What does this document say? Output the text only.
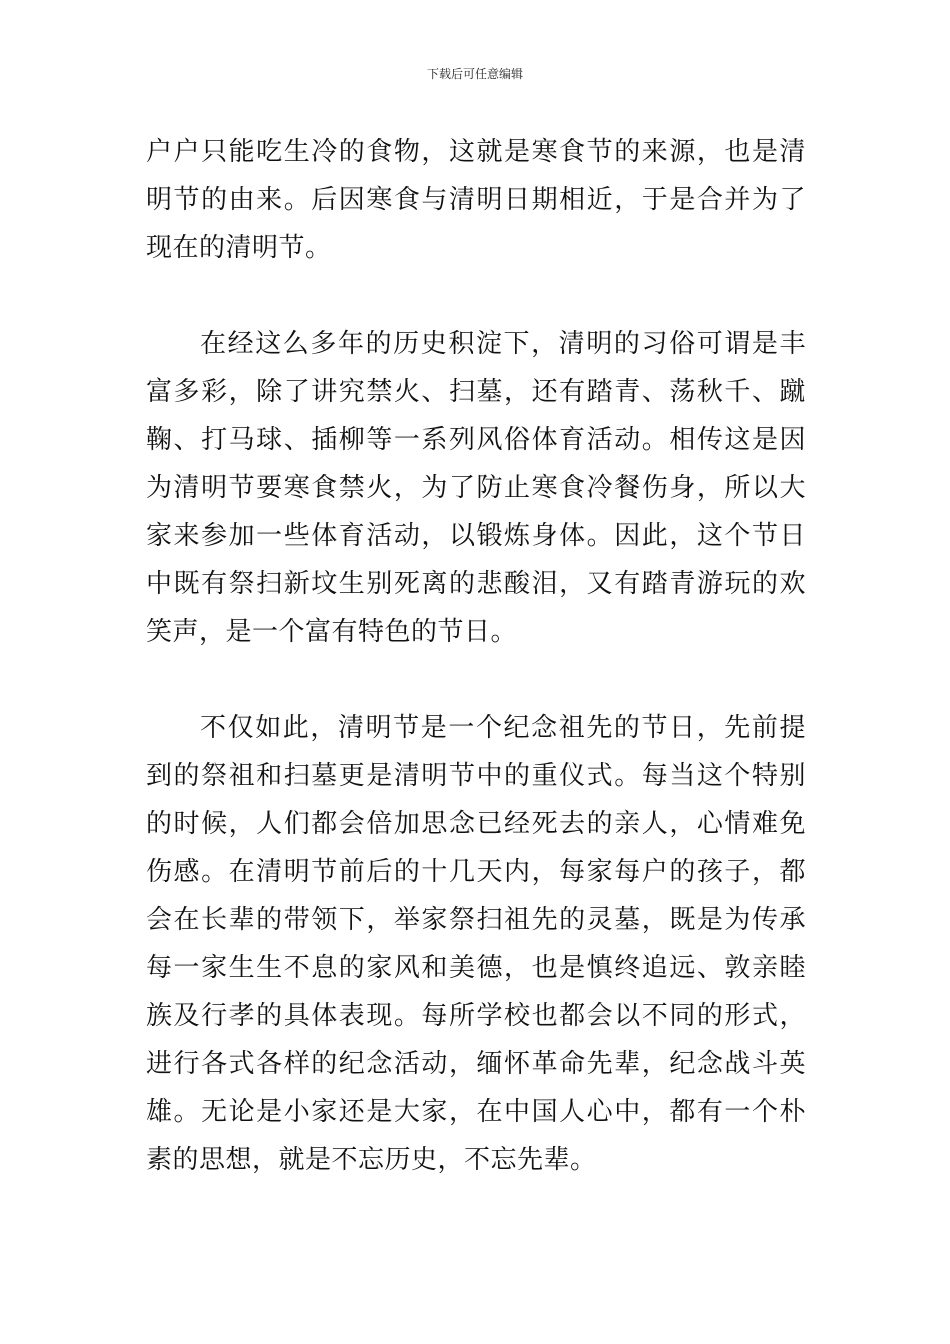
下载后可任意编辑

户户只能吃生冷的食物，这就是寒食节的来源，也是清明节的由来。后因寒食与清明日期相近，于是合并为了现在的清明节。

在经这么多年的历史积淀下，清明的习俗可谓是丰富多彩，除了讲究禁火、扫墓，还有踏青、荡秋千、蹴鞠、打马球、插柳等一系列风俗体育活动。相传这是因为清明节要寒食禁火，为了防止寒食冷餐伤身，所以大家来参加一些体育活动，以锻炼身体。因此，这个节日中既有祭扫新坟生别死离的悲酸泪，又有踏青游玩的欢笑声，是一个富有特色的节日。

不仅如此，清明节是一个纪念祖先的节日，先前提到的祭祖和扫墓更是清明节中的重仪式。每当这个特别的时候，人们都会倍加思念已经死去的亲人，心情难免伤感。在清明节前后的十几天内，每家每户的孩子，都会在长辈的带领下，举家祭扫祖先的灵墓，既是为传承每一家生生不息的家风和美德，也是慎终追远、敦亲睦族及行孝的具体表现。每所学校也都会以不同的形式，进行各式各样的纪念活动，缅怀革命先辈，纪念战斗英雄。无论是小家还是大家，在中国人心中，都有一个朴素的思想，就是不忘历史，不忘先辈。
